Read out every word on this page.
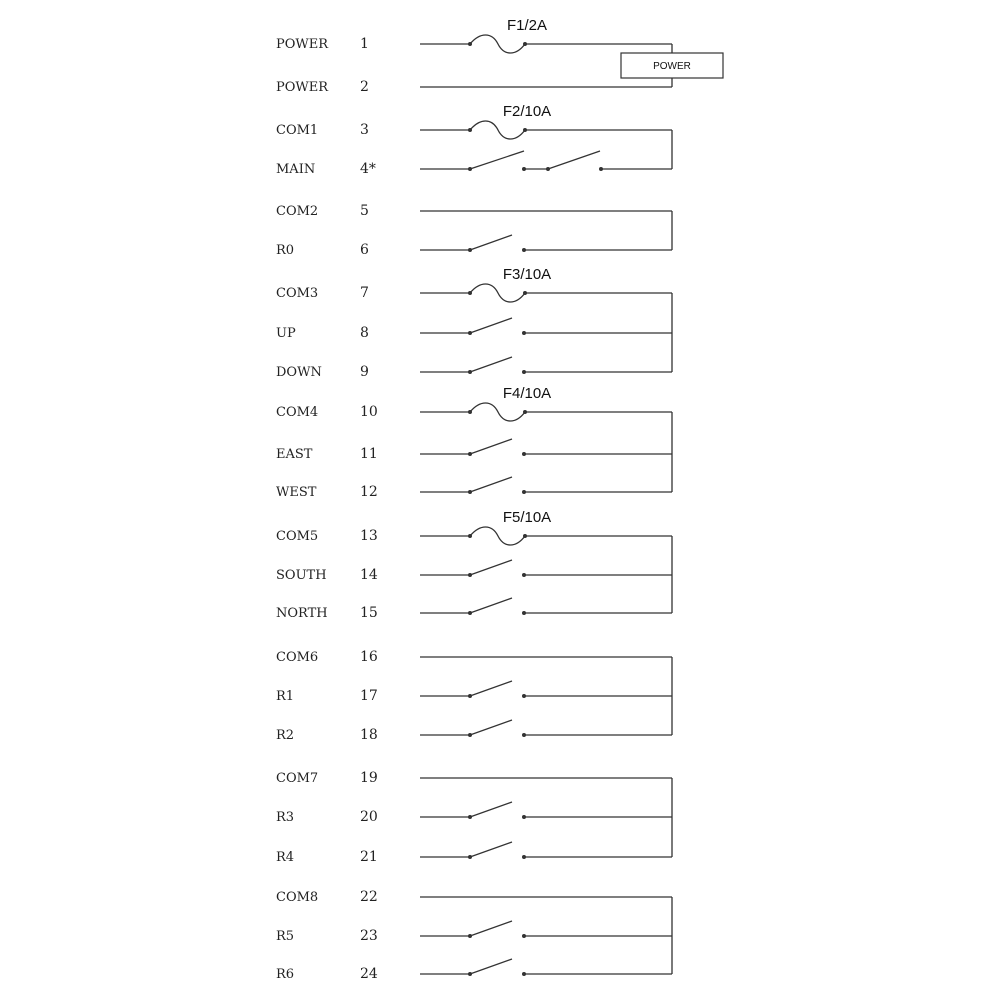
POWER 1
POWER 2
COM1	3
MAIN	4*
COM2	5
R0	6
COM3	7
UP	8
DOWN	9
COM4	10
EAST	11
WEST	12
COM5	13
SOUTH 14
NORTH 15
COM6	16
R1	17
R2	18
COM7	19
R3	20
R4	21
COM8	22
R5	23
R6	24
F1/2A
F2/10A
F3/10A
F4/10A
F5/10A
POWER
